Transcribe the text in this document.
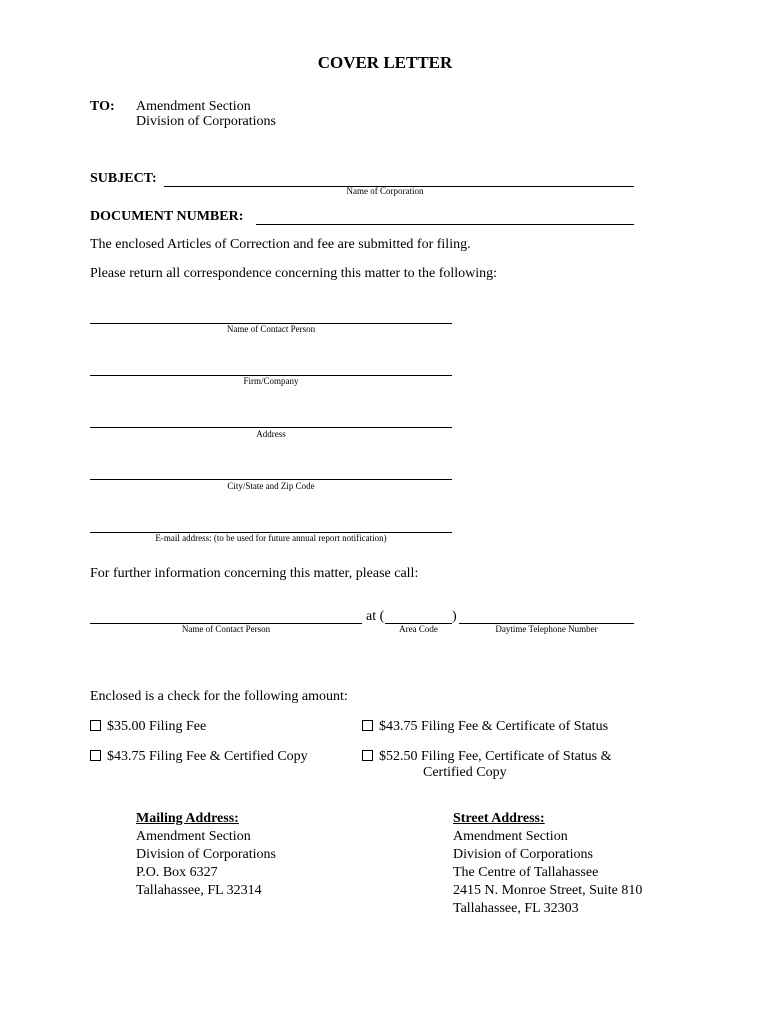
COVER LETTER
TO: Amendment Section
Division of Corporations
SUBJECT:
Name of Corporation
DOCUMENT NUMBER:
The enclosed Articles of Correction and fee are submitted for filing.
Please return all correspondence concerning this matter to the following:
Name of Contact Person
Firm/Company
Address
City/State and Zip Code
E-mail address: (to be used for future annual report notification)
For further information concerning this matter, please call:
at (	)
Name of Contact Person	Area Code	Daytime Telephone Number
Enclosed is a check for the following amount:
$35.00 Filing Fee	$43.75 Filing Fee & Certificate of Status
$43.75 Filing Fee & Certified Copy	$52.50 Filing Fee, Certificate of Status &
Certified Copy
Mailing Address:
Amendment Section
Division of Corporations
P.O. Box 6327
Tallahassee, FL 32314
Street Address:
Amendment Section
Division of Corporations
The Centre of Tallahassee
2415 N. Monroe Street, Suite 810
Tallahassee, FL 32303
